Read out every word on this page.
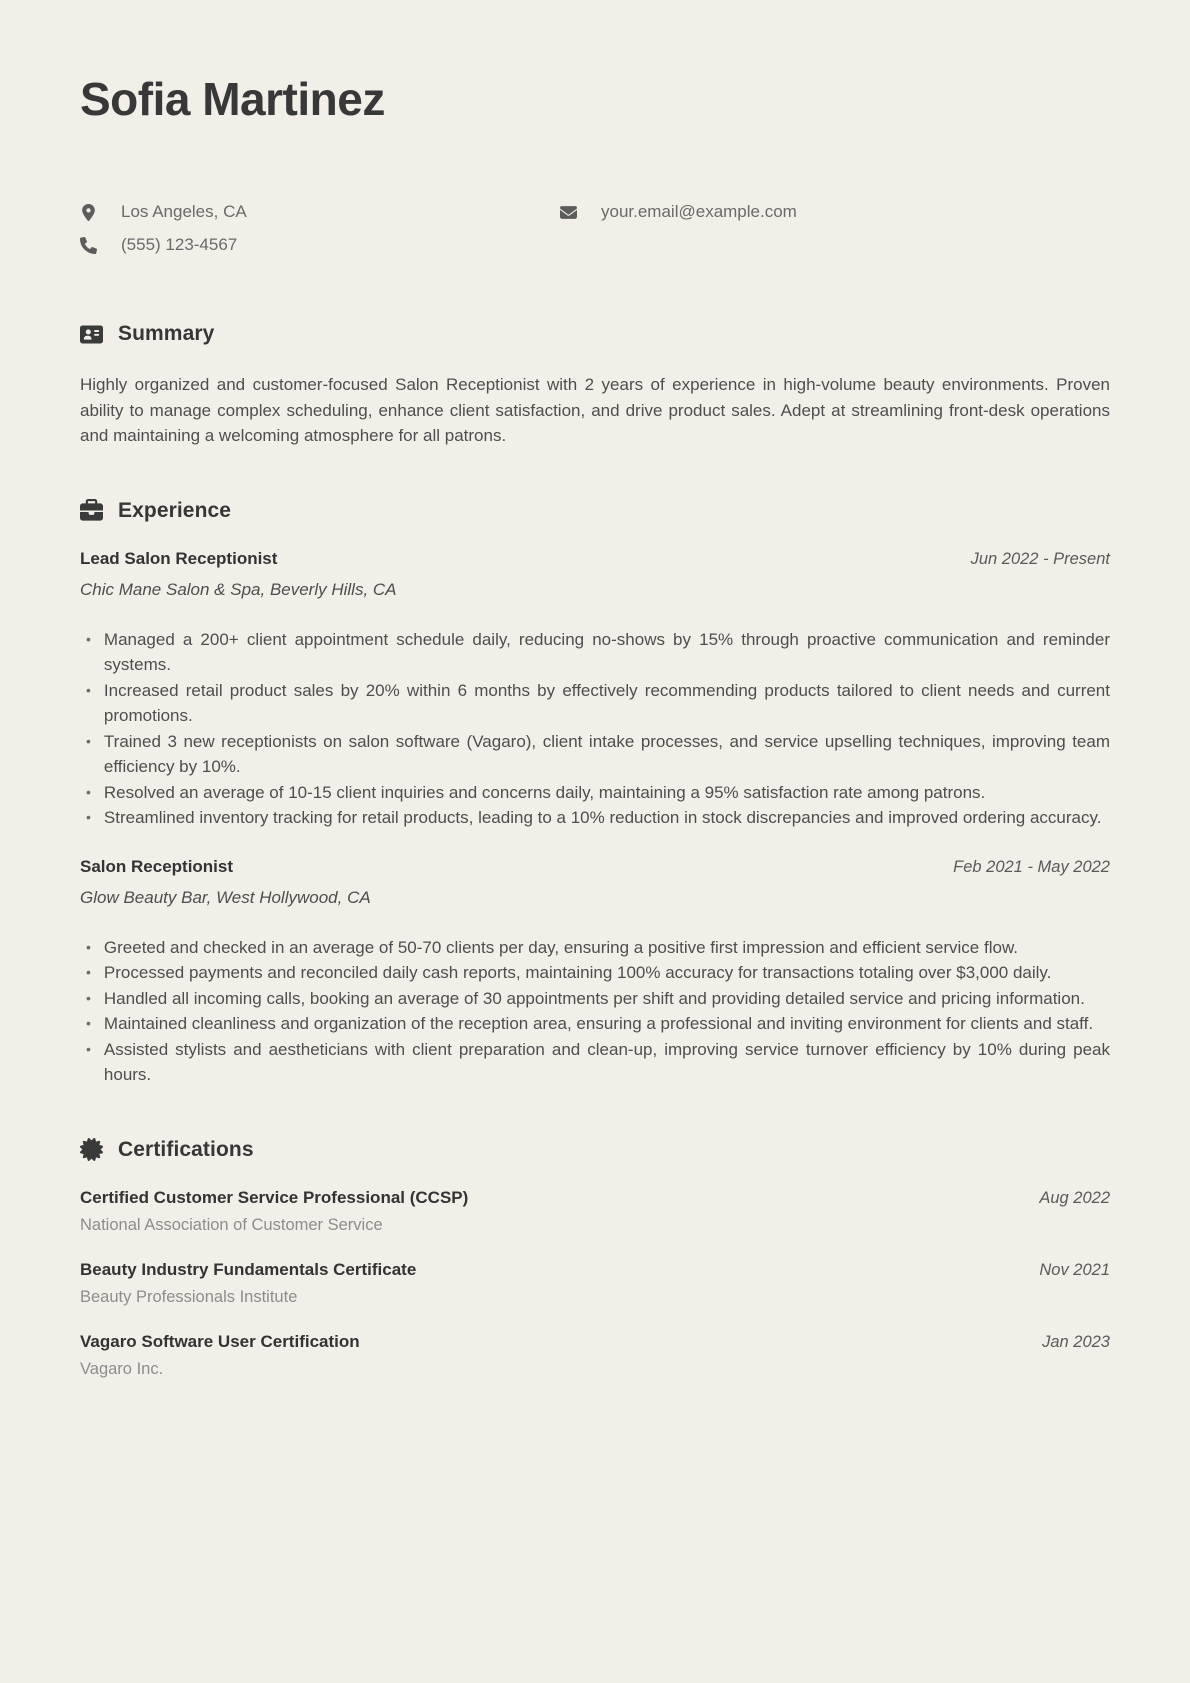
Sofia Martinez
Los Angeles, CA
(555) 123-4567
your.email@example.com
Summary

Highly organized and customer-focused Salon Receptionist with 2 years of experience in high-volume beauty environments. Proven ability to manage complex scheduling, enhance client satisfaction, and drive product sales. Adept at streamlining front-desk operations and maintaining a welcoming atmosphere for all patrons.

Experience
Lead Salon Receptionist	Jun 2022 - Present
Chic Mane Salon & Spa, Beverly Hills, CA
• Managed a 200+ client appointment schedule daily, reducing no-shows by 15% through proactive communication and reminder systems.
• Increased retail product sales by 20% within 6 months by effectively recommending products tailored to client needs and current promotions.
• Trained 3 new receptionists on salon software (Vagaro), client intake processes, and service upselling techniques, improving team efficiency by 10%.
• Resolved an average of 10-15 client inquiries and concerns daily, maintaining a 95% satisfaction rate among patrons.
• Streamlined inventory tracking for retail products, leading to a 10% reduction in stock discrepancies and improved ordering accuracy.
Salon Receptionist	Feb 2021 - May 2022
Glow Beauty Bar, West Hollywood, CA
• Greeted and checked in an average of 50-70 clients per day, ensuring a positive first impression and efficient service flow.
• Processed payments and reconciled daily cash reports, maintaining 100% accuracy for transactions totaling over $3,000 daily.
• Handled all incoming calls, booking an average of 30 appointments per shift and providing detailed service and pricing information.
• Maintained cleanliness and organization of the reception area, ensuring a professional and inviting environment for clients and staff.
• Assisted stylists and aestheticians with client preparation and clean-up, improving service turnover efficiency by 10% during peak hours.
Certifications
Certified Customer Service Professional (CCSP)	Aug 2022
National Association of Customer Service
Beauty Industry Fundamentals Certificate	Nov 2021
Beauty Professionals Institute
Vagaro Software User Certification	Jan 2023
Vagaro Inc.
